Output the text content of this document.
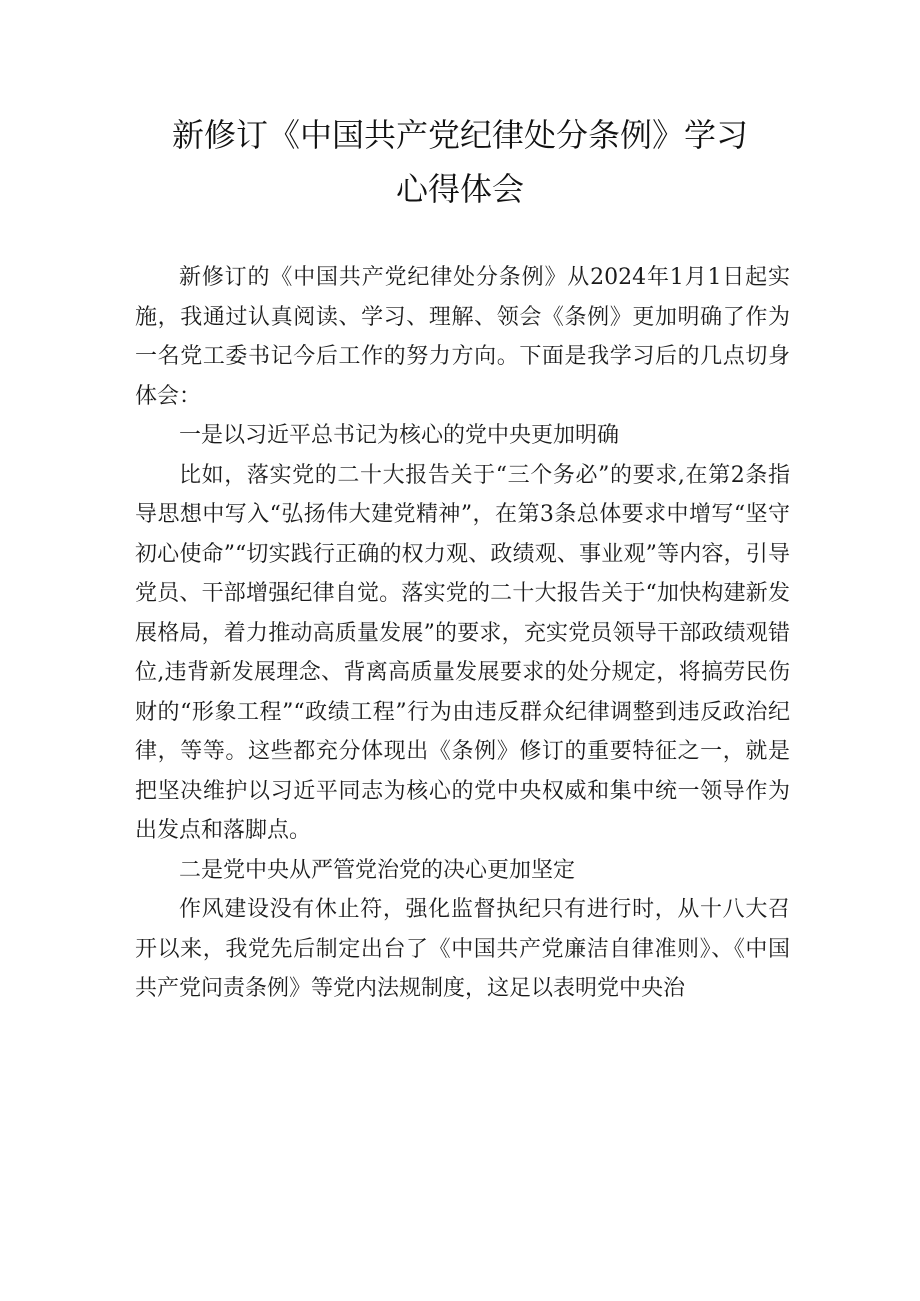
新修订《中国共产党纪律处分条例》学习
心得体会

新修订的《中国共产党纪律处分条例》从2024年1月1日起实施，我通过认真阅读、学习、理解、领会《条例》更加明确了作为一名党工委书记今后工作的努力方向。下面是我学习后的几点切身体会：

一是以习近平总书记为核心的党中央更加明确

比如，落实党的二十大报告关于“三个务必”的要求,在第2条指导思想中写入“弘扬伟大建党精神”，在第3条总体要求中增写“坚守初心使命”“切实践行正确的权力观、政绩观、事业观”等内容，引导党员、干部增强纪律自觉。落实党的二十大报告关于“加快构建新发展格局，着力推动高质量发展”的要求，充实党员领导干部政绩观错位,违背新发展理念、背离高质量发展要求的处分规定，将搞劳民伤财的“形象工程”“政绩工程”行为由违反群众纪律调整到违反政治纪律，等等。这些都充分体现出《条例》修订的重要特征之一，就是把坚决维护以习近平同志为核心的党中央权威和集中统一领导作为出发点和落脚点。

二是党中央从严管党治党的决心更加坚定

作风建设没有休止符，强化监督执纪只有进行时，从十八大召开以来，我党先后制定出台了《中国共产党廉洁自律准则》、《中国共产党问责条例》等党内法规制度，这足以表明党中央治
